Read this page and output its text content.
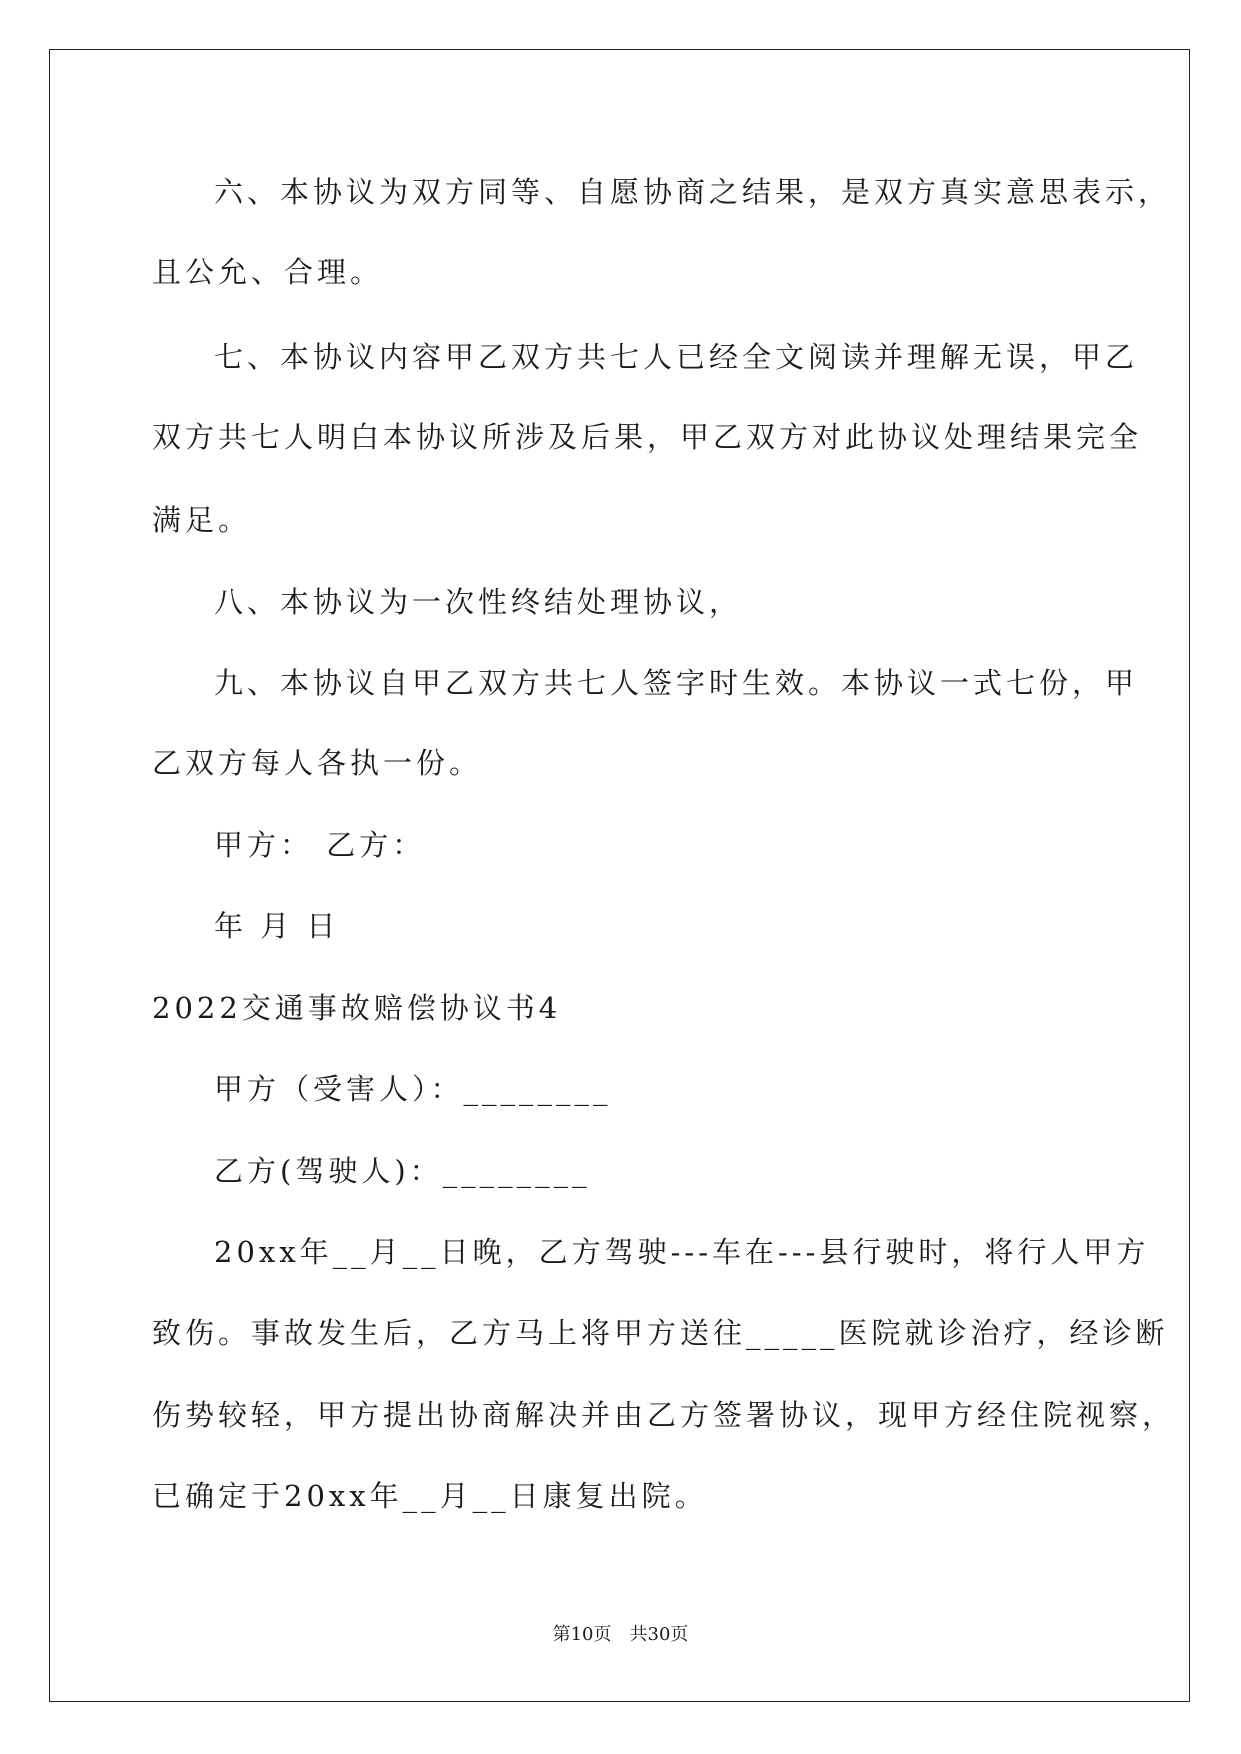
六、本协议为双方同等、自愿协商之结果，是双方真实意思表示，
且公允、合理。
七、本协议内容甲乙双方共七人已经全文阅读并理解无误，甲乙
双方共七人明白本协议所涉及后果，甲乙双方对此协议处理结果完全
满足。
八、本协议为一次性终结处理协议，
九、本协议自甲乙双方共七人签字时生效。本协议一式七份，甲
乙双方每人各执一份。
甲方： 乙方：
年 月 日
2022交通事故赔偿协议书4
甲方（受害人）：________
乙方(驾驶人)：________
20xx年__月__日晚，乙方驾驶---车在---县行驶时，将行人甲方
致伤。事故发生后，乙方马上将甲方送往_____医院就诊治疗，经诊断
伤势较轻，甲方提出协商解决并由乙方签署协议，现甲方经住院视察，
已确定于20xx年__月__日康复出院。
第10页 共30页
